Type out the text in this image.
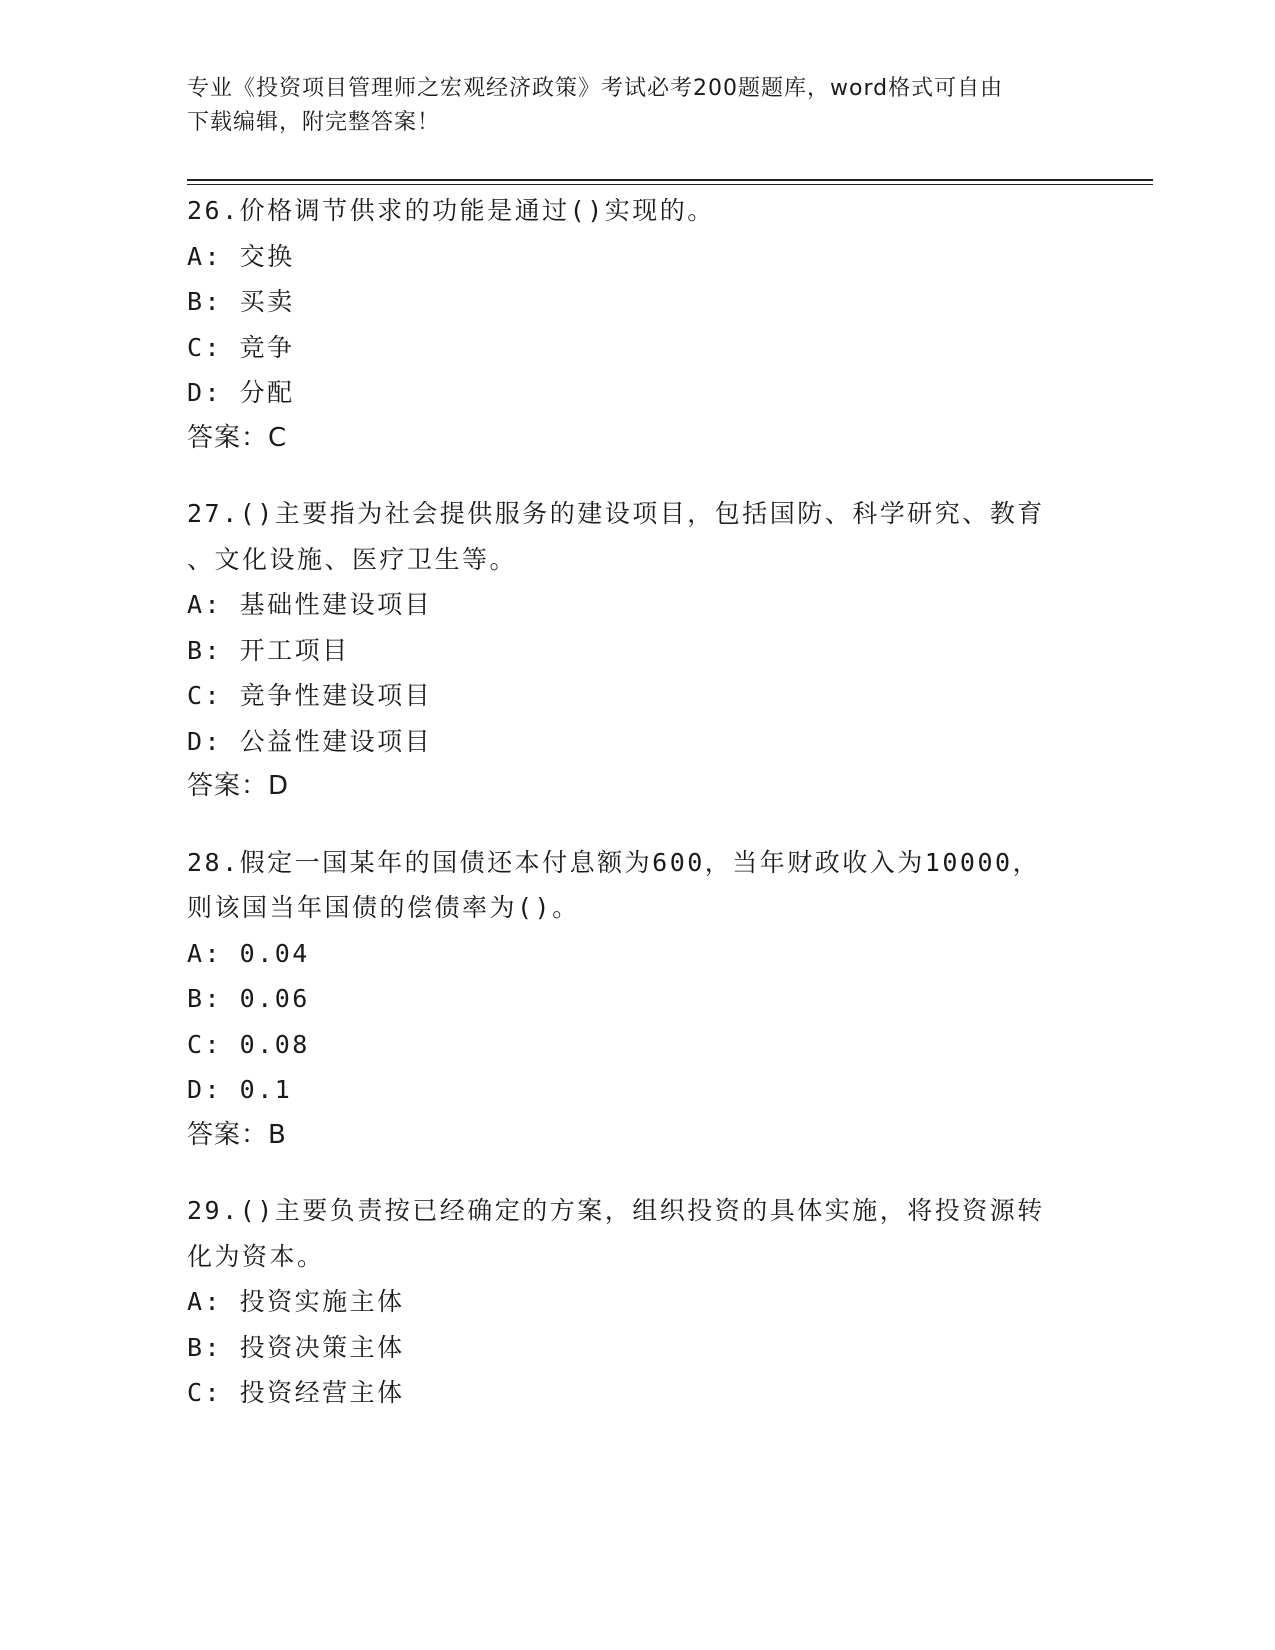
专业《投资项目管理师之宏观经济政策》考试必考200题题库，word格式可自由
下载编辑，附完整答案！
26.价格调节供求的功能是通过()实现的。
A: 交换
B: 买卖
C: 竞争
D: 分配
答案：C
27.()主要指为社会提供服务的建设项目，包括国防、科学研究、教育
、文化设施、医疗卫生等。
A: 基础性建设项目
B: 开工项目
C: 竞争性建设项目
D: 公益性建设项目
答案：D
28.假定一国某年的国债还本付息额为600，当年财政收入为10000，
则该国当年国债的偿债率为()。
A: 0.04
B: 0.06
C: 0.08
D: 0.1
答案：B
29.()主要负责按已经确定的方案，组织投资的具体实施，将投资源转
化为资本。
A: 投资实施主体
B: 投资决策主体
C: 投资经营主体
